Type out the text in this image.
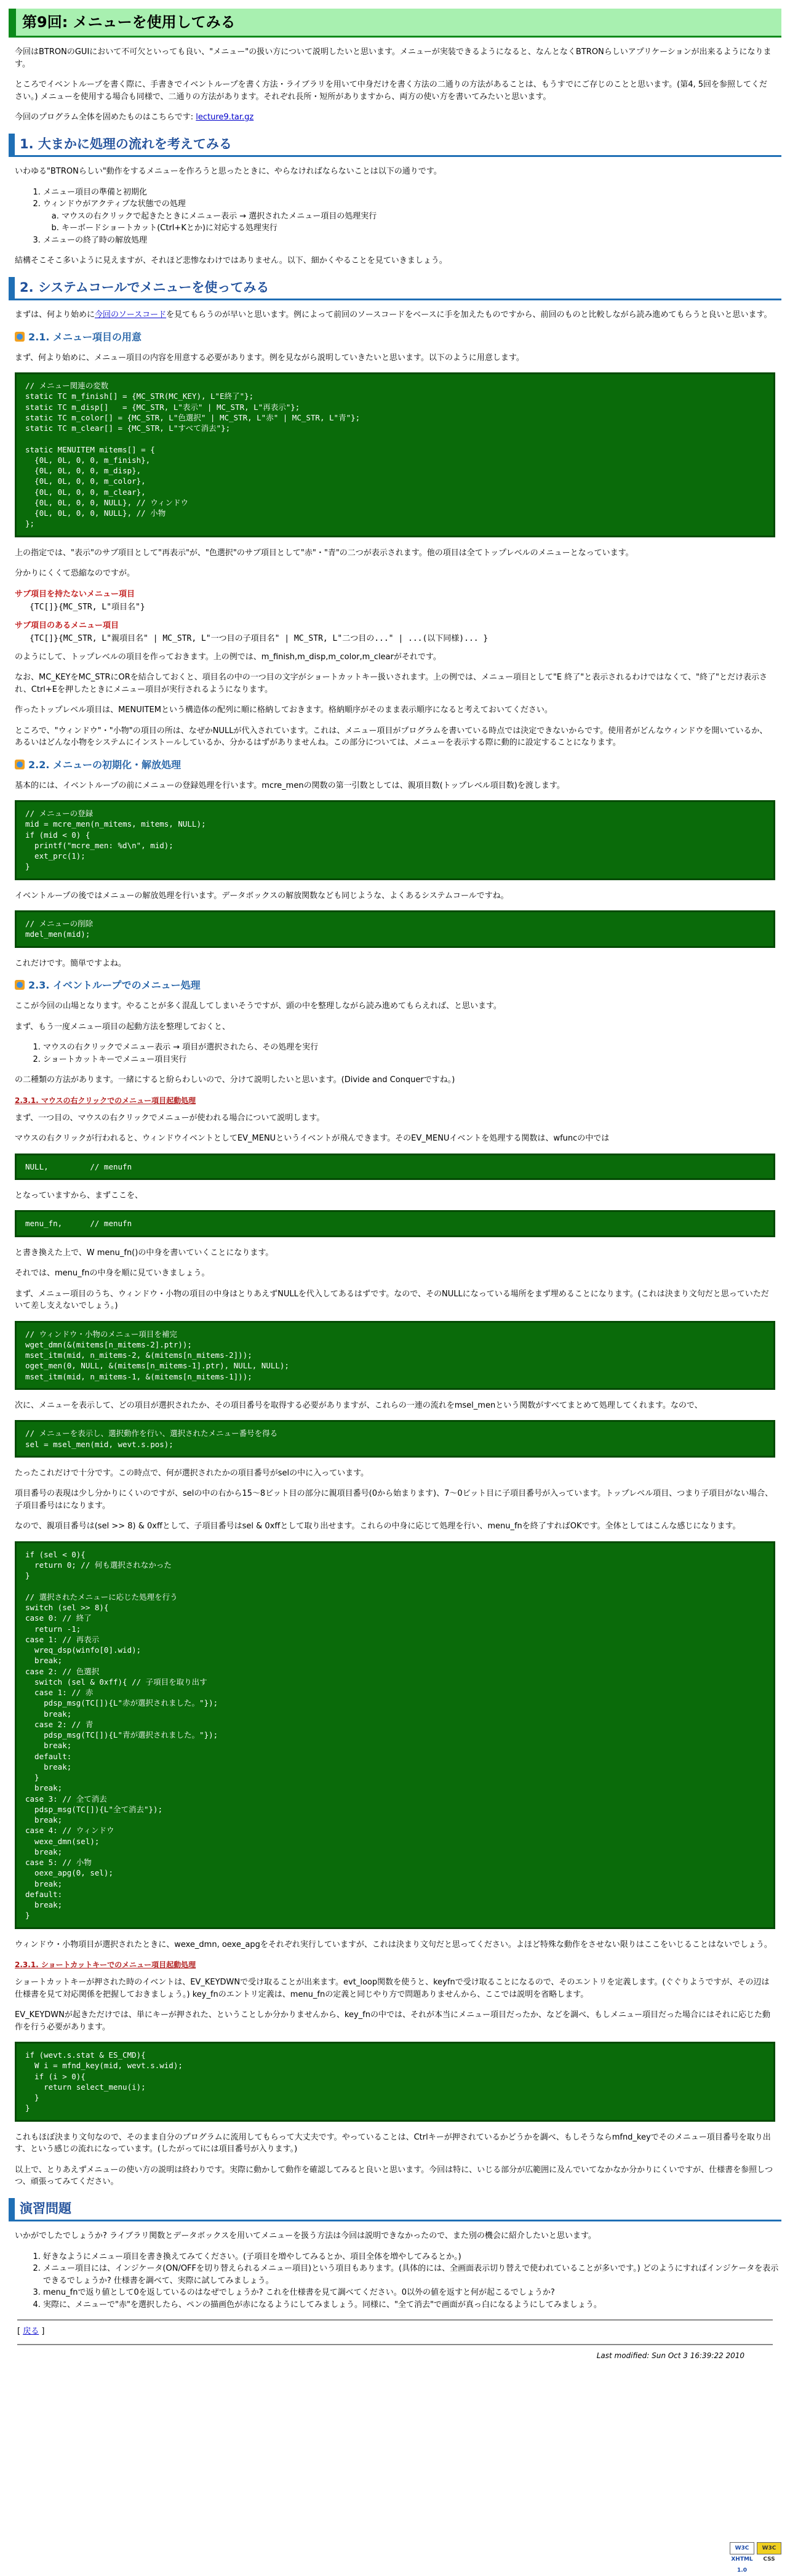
第9回: メニューを使用してみる

今回はBTRONのGUIにおいて不可欠といっても良い、"メニュー"の扱い方について説明したいと思います。メニューが実装できるようになると、なんとなくBTRONらしいアプリケーションが出来るようになります。

ところでイベントループを書く際に、手書きでイベントループを書く方法・ライブラリを用いて中身だけを書く方法の二通りの方法があることは、もうすでにご存じのことと思います。(第4, 5回を参照してください。) メニューを使用する場合も同様で、二通りの方法があります。それぞれ長所・短所がありますから、両方の使い方を書いてみたいと思います。

今回のプログラム全体を固めたものはこちらです: lecture9.tar.gz

1. 大まかに処理の流れを考えてみる

いわゆる"BTRONらしい"動作をするメニューを作ろうと思ったときに、やらなければならないことは以下の通りです。

1. メニュー項目の準備と初期化
2. ウィンドウがアクティブな状態での処理
a. マウスの右クリックで起きたときにメニュー表示 → 選択されたメニュー項目の処理実行
b. キーボードショートカット(Ctrl+Kとか)に対応する処理実行
3. メニューの終了時の解放処理

結構そこそこ多いように見えますが、それほど悲惨なわけではありません。以下、細かくやることを見ていきましょう。

2. システムコールでメニューを使ってみる

まずは、何より始めに今回のソースコードを見てもらうのが早いと思います。例によって前回のソースコードをベースに手を加えたものですから、前回のものと比較しながら読み進めてもらうと良いと思います。

2.1. メニュー項目の用意

まず、何より始めに、メニュー項目の内容を用意する必要があります。例を見ながら説明していきたいと思います。以下のように用意します。

// メニュー関連の変数
static TC m_finish[] = {MC_STR(MC_KEY), L"E終了"};
static TC m_disp[]   = {MC_STR, L"表示" | MC_STR, L"再表示"};
static TC m_color[] = {MC_STR, L"色選択" | MC_STR, L"赤" | MC_STR, L"青"};
static TC m_clear[] = {MC_STR, L"すべて消去"};

static MENUITEM mitems[] = {
{0L, 0L, 0, 0, m_finish},
{0L, 0L, 0, 0, m_disp},
{0L, 0L, 0, 0, m_color},
{0L, 0L, 0, 0, m_clear},
{0L, 0L, 0, 0, NULL}, // ウィンドウ
{0L, 0L, 0, 0, NULL}, // 小物
};

上の指定では、"表示"のサブ項目として"再表示"が、"色選択"のサブ項目として"赤"・"青"の二つが表示されます。他の項目は全てトップレベルのメニューとなっています。

分かりにくくて恐縮なのですが。

サブ項目を持たないメニュー項目

{TC[]}{MC_STR, L"項目名"}

サブ項目のあるメニュー項目

{TC[]}{MC_STR, L"親項目名" | MC_STR, L"一つ目の子項目名" | MC_STR, L"二つ目の..." | ...(以下同様)... }

のようにして、トップレベルの項目を作っておきます。上の例では、m_finish,m_disp,m_color,m_clearがそれです。

なお、MC_KEYをMC_STRにORを結合しておくと、項目名の中の一つ目の文字がショートカットキー扱いされます。上の例では、メニュー項目として"E 終了"と表示されるわけではなくて、"終了"とだけ表示され、Ctrl+Eを押したときにメニュー項目が実行されるようになります。

作ったトップレベル項目は、MENUITEMという構造体の配列に順に格納しておきます。格納順序がそのまま表示順序になると考えておいてください。

ところで、"ウィンドウ"・"小物"の項目の所は、なぜかNULLが代入されています。これは、メニュー項目がプログラムを書いている時点では決定できないからです。使用者がどんなウィンドウを開いているか、あるいはどんな小物をシステムにインストールしているか、分かるはずがありませんね。この部分については、メニューを表示する際に動的に設定することになります。

2.2. メニューの初期化・解放処理

基本的には、イベントループの前にメニューの登録処理を行います。mcre_menの関数の第一引数としては、親項目数(トップレベル項目数)を渡します。

// メニューの登録
mid = mcre_men(n_mitems, mitems, NULL);
if (mid < 0) {
printf("mcre_men: %d\n", mid);
ext_prc(1);
}

イベントループの後ではメニューの解放処理を行います。データボックスの解放関数なども同じような、よくあるシステムコールですね。

// メニューの削除
mdel_men(mid);

これだけです。簡単ですよね。

2.3. イベントループでのメニュー処理

ここが今回の山場となります。やることが多く混乱してしまいそうですが、頭の中を整理しながら読み進めてもらえれば、と思います。

まず、もう一度メニュー項目の起動方法を整理しておくと、

1. マウスの右クリックでメニュー表示 → 項目が選択されたら、その処理を実行
2. ショートカットキーでメニュー項目実行

の二種類の方法があります。一緒にすると紛らわしいので、分けて説明したいと思います。(Divide and Conquerですね。)

2.3.1. マウスの右クリックでのメニュー項目起動処理

まず、一つ目の、マウスの右クリックでメニューが使われる場合について説明します。

マウスの右クリックが行われると、ウィンドウイベントとしてEV_MENUというイベントが飛んできます。そのEV_MENUイベントを処理する関数は、wfuncの中では

NULL,         // menufn

となっていますから、まずここを、

menu_fn,      // menufn

と書き換えた上で、W menu_fn()の中身を書いていくことになります。

それでは、menu_fnの中身を順に見ていきましょう。

まず、メニュー項目のうち、ウィンドウ・小物の項目の中身はとりあえずNULLを代入してあるはずです。なので、そのNULLになっている場所をまず埋めることになります。(これは決まり文句だと思っていただいて差し支えないでしょう。)

// ウィンドウ・小物のメニュー項目を補完
wget_dmn(&(mitems[n_mitems-2].ptr));
mset_itm(mid, n_mitems-2, &(mitems[n_mitems-2]));
oget_men(0, NULL, &(mitems[n_mitems-1].ptr), NULL, NULL);
mset_itm(mid, n_mitems-1, &(mitems[n_mitems-1]));

次に、メニューを表示して、どの項目が選択されたか、その項目番号を取得する必要がありますが、これらの一連の流れをmsel_menという関数がすべてまとめて処理してくれます。なので、

// メニューを表示し、選択動作を行い、選択されたメニュー番号を得る
sel = msel_men(mid, wevt.s.pos);

たったこれだけで十分です。この時点で、何が選択されたかの項目番号がselの中に入っています。

項目番号の表現は少し分かりにくいのですが、selの中の右から15〜8ビット目の部分に親項目番号(0から始まります)、7〜0ビット目に子項目番号が入っています。トップレベル項目、つまり子項目がない場合、子項目番号はになります。

なので、親項目番号は(sel >> 8) & 0xffとして、子項目番号はsel & 0xffとして取り出せます。これらの中身に応じて処理を行い、menu_fnを終了すればOKです。全体としてはこんな感じになります。

if (sel < 0){
return 0; // 何も選択されなかった
}

// 選択されたメニューに応じた処理を行う
switch (sel >> 8){
case 0: // 終了
return -1;
case 1: // 再表示
wreq_dsp(winfo[0].wid);
break;
case 2: // 色選択
switch (sel & 0xff){ // 子項目を取り出す
case 1: // 赤
pdsp_msg(TC[]){L"赤が選択されました。"});
break;
case 2: // 青
pdsp_msg(TC[]){L"青が選択されました。"});
break;
default:
break;
}
break;
case 3: // 全て消去
pdsp_msg(TC[]){L"全て消去"});
break;
case 4: // ウィンドウ
wexe_dmn(sel);
break;
case 5: // 小物
oexe_apg(0, sel);
break;
default:
break;
}

ウィンドウ・小物項目が選択されたときに、wexe_dmn, oexe_apgをそれぞれ実行していますが、これは決まり文句だと思ってください。よほど特殊な動作をさせない限りはここをいじることはないでしょう。

2.3.1. ショートカットキーでのメニュー項目起動処理

ショートカットキーが押された時のイベントは、EV_KEYDWNで受け取ることが出来ます。evt_loop関数を使うと、keyfnで受け取ることになるので、そのエントリを定義します。(ぐぐりようですが、その辺は仕様書を見て対応関係を把握しておきましょう。) key_fnのエントリ定義は、menu_fnの定義と同じやり方で問題ありませんから、ここでは説明を省略します。

EV_KEYDWNが起きただけでは、単にキーが押された、ということしか分かりませんから、key_fnの中では、それが本当にメニュー項目だったか、などを調べ、もしメニュー項目だった場合にはそれに応じた動作を行う必要があります。

if (wevt.s.stat & ES_CMD){
W i = mfnd_key(mid, wevt.s.wid);
if (i > 0){
return select_menu(i);
}
}

これもほぼ決まり文句なので、そのまま自分のプログラムに流用してもらって大丈夫です。やっていることは、Ctrlキーが押されているかどうかを調べ、もしそうならmfnd_keyでそのメニュー項目番号を取り出す、という感じの流れになっています。(したがってiには項目番号が入ります。)

以上で、とりあえずメニューの使い方の説明は終わりです。実際に動かして動作を確認してみると良いと思います。今回は特に、いじる部分が広範囲に及んでいてなかなか分かりにくいですが、仕様書を参照しつつ、頑張ってみてください。

演習問題

いかがでしたでしょうか? ライブラリ関数とデータボックスを用いてメニューを扱う方法は今回は説明できなかったので、また別の機会に紹介したいと思います。

1. 好きなようにメニュー項目を書き換えてみてください。(子項目を増やしてみるとか、項目全体を増やしてみるとか。)
2. メニュー項目には、インジケータ(ON/OFFを切り替えられるメニュー項目)という項目もあります。(具体的には、全画面表示切り替えで使われていることが多いです。) どのようにすればインジケータを表示できるでしょうか? 仕様書を調べて、実際に試してみましょう。
3. menu_fnで返り値として0を返しているのはなぜでしょうか? これを仕様書を見て調べてください。0以外の値を返すと何が起こるでしょうか?
4. 実際に、メニューで"赤"を選択したら、ペンの描画色が赤になるようにしてみましょう。同様に、"全て消去"で画面が真っ白になるようにしてみましょう。
[ 戻る ]
Last modified: Sun Oct 3 16:39:22 2010
W3C XHTML 1.0
W3C CSS
